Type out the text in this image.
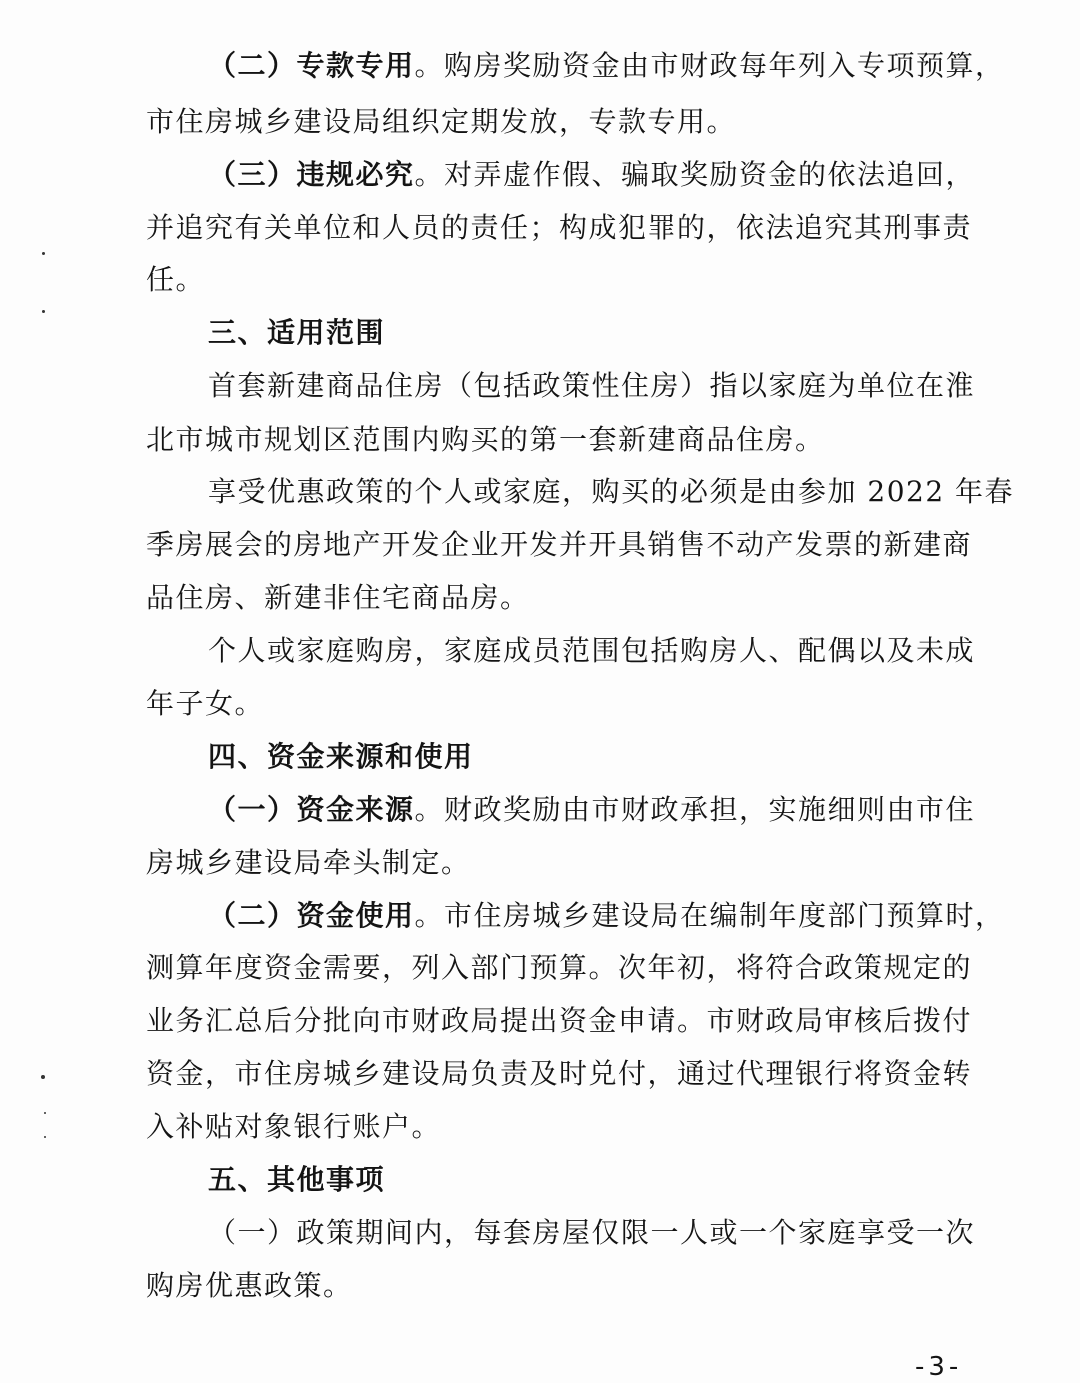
（二）专款专用。购房奖励资金由市财政每年列入专项预算，
市住房城乡建设局组织定期发放，专款专用。
（三）违规必究。对弄虚作假、骗取奖励资金的依法追回，
并追究有关单位和人员的责任；构成犯罪的，依法追究其刑事责
任。
三、适用范围
首套新建商品住房（包括政策性住房）指以家庭为单位在淮
北市城市规划区范围内购买的第一套新建商品住房。
享受优惠政策的个人或家庭，购买的必须是由参加 2022 年春
季房展会的房地产开发企业开发并开具销售不动产发票的新建商
品住房、新建非住宅商品房。
个人或家庭购房，家庭成员范围包括购房人、配偶以及未成
年子女。
四、资金来源和使用
（一）资金来源。财政奖励由市财政承担，实施细则由市住
房城乡建设局牵头制定。
（二）资金使用。市住房城乡建设局在编制年度部门预算时，
测算年度资金需要，列入部门预算。次年初，将符合政策规定的
业务汇总后分批向市财政局提出资金申请。市财政局审核后拨付
资金，市住房城乡建设局负责及时兑付，通过代理银行将资金转
入补贴对象银行账户。
五、其他事项
（一）政策期间内，每套房屋仅限一人或一个家庭享受一次
购房优惠政策。
-3-
